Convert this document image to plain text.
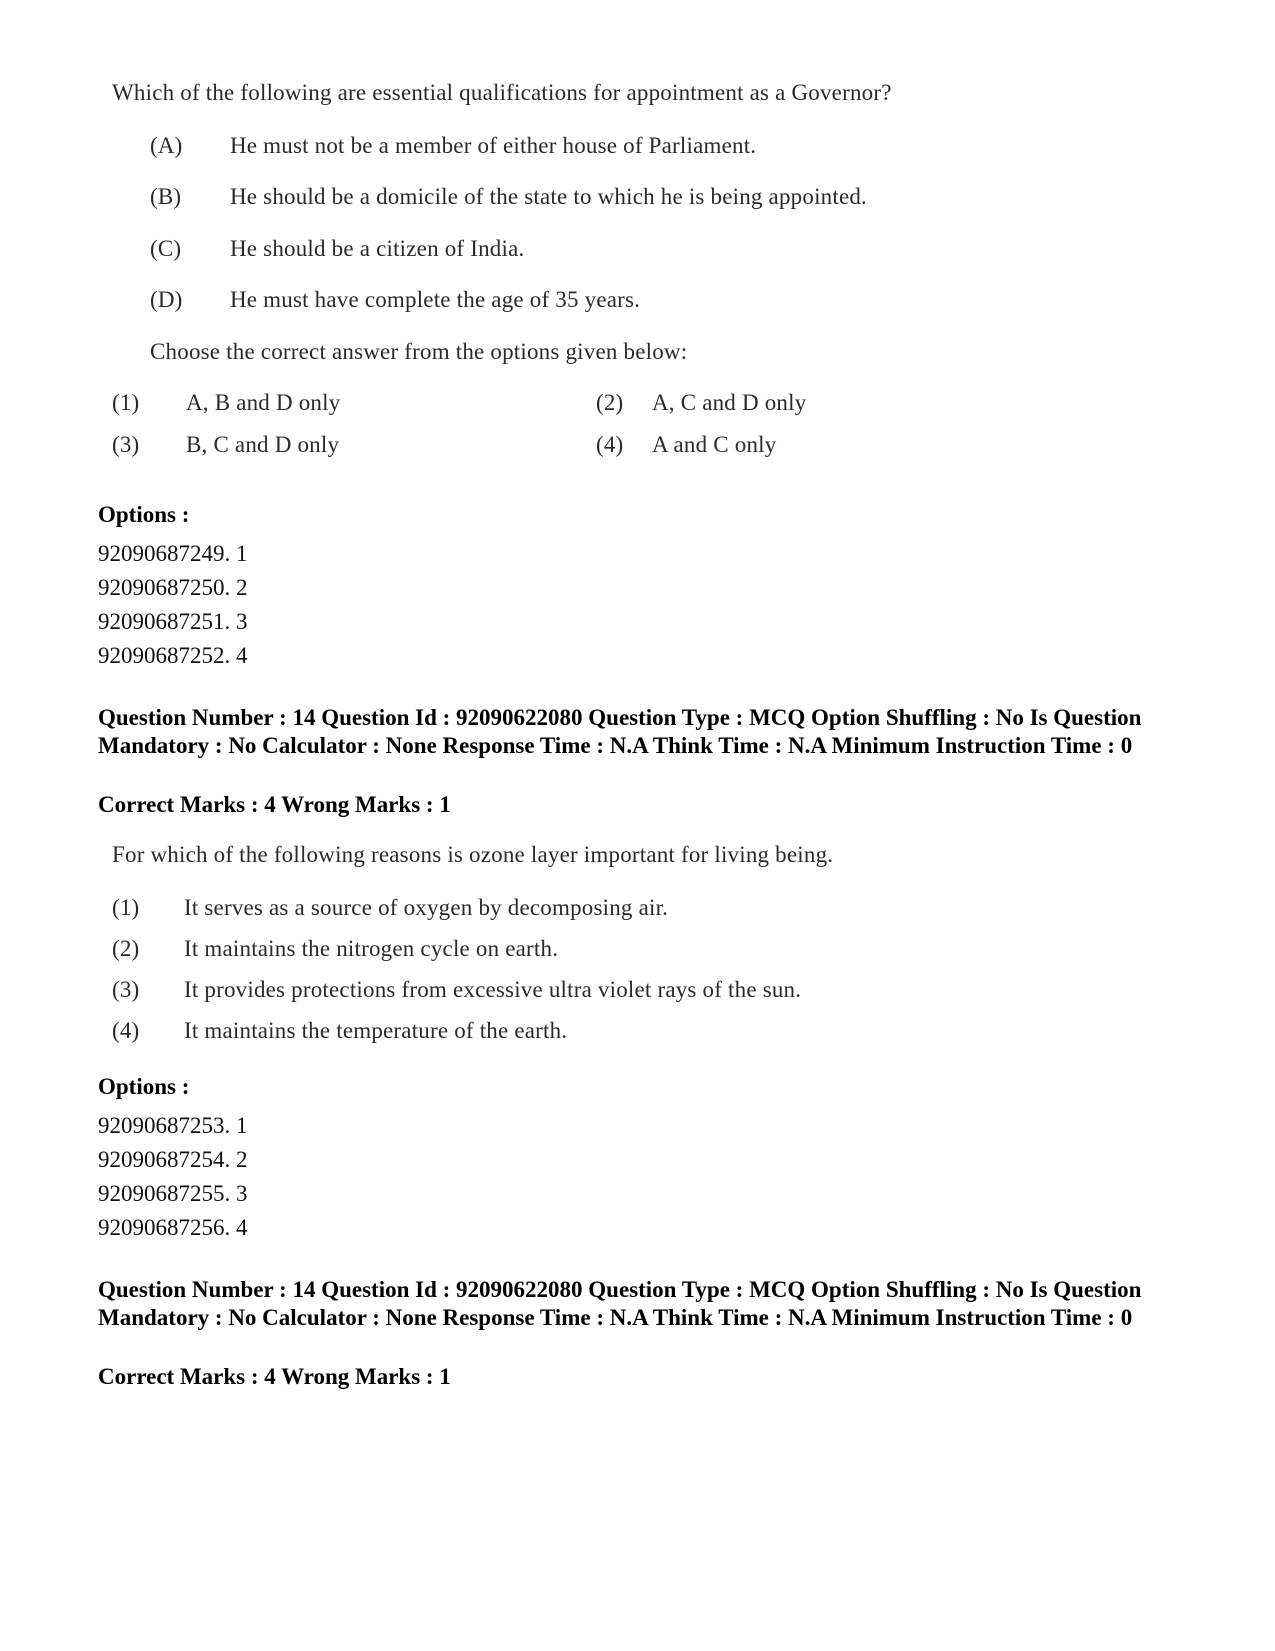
Which of the following are essential qualifications for appointment as a Governor?
(A) He must not be a member of either house of Parliament.
(B) He should be a domicile of the state to which he is being appointed.
(C) He should be a citizen of India.
(D) He must have complete the age of 35 years.
Choose the correct answer from the options given below:
(1) A, B and D only	(2) A, C and D only
(3) B, C and D only	(4) A and C only
Options :
92090687249. 1
92090687250. 2
92090687251. 3
92090687252. 4
Question Number : 14 Question Id : 92090622080 Question Type : MCQ Option Shuffling : No Is Question Mandatory : No Calculator : None Response Time : N.A Think Time : N.A Minimum Instruction Time : 0
Correct Marks : 4 Wrong Marks : 1
For which of the following reasons is ozone layer important for living being.
(1) It serves as a source of oxygen by decomposing air.
(2) It maintains the nitrogen cycle on earth.
(3) It provides protections from excessive ultra violet rays of the sun.
(4) It maintains the temperature of the earth.
Options :
92090687253. 1
92090687254. 2
92090687255. 3
92090687256. 4
Question Number : 14 Question Id : 92090622080 Question Type : MCQ Option Shuffling : No Is Question Mandatory : No Calculator : None Response Time : N.A Think Time : N.A Minimum Instruction Time : 0
Correct Marks : 4 Wrong Marks : 1
